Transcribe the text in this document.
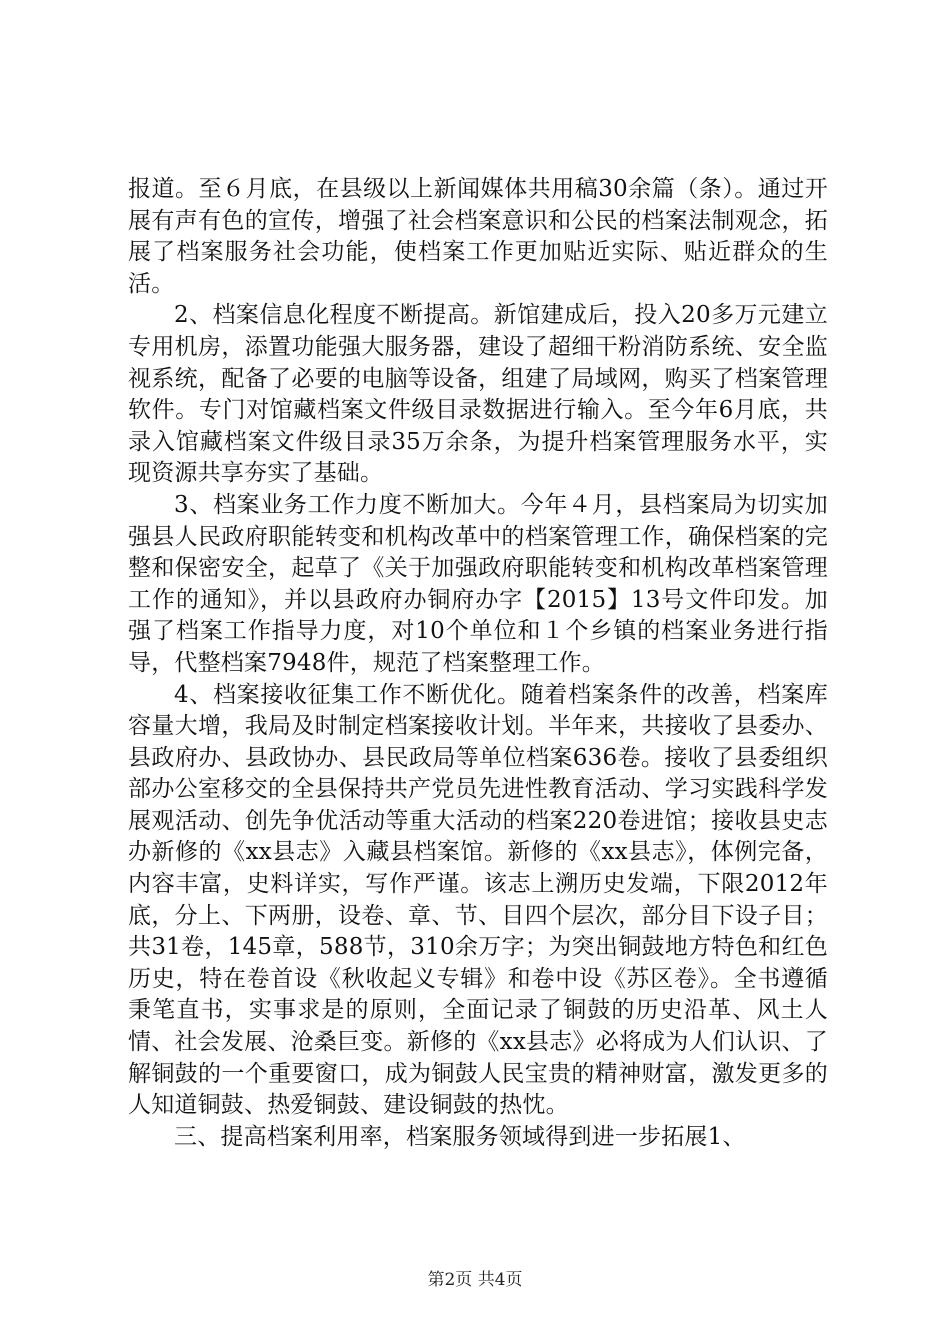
报道。至６月底，在县级以上新闻媒体共用稿30余篇（条）。通过开展有声有色的宣传，增强了社会档案意识和公民的档案法制观念，拓展了档案服务社会功能，使档案工作更加贴近实际、贴近群众的生活。

2、档案信息化程度不断提高。新馆建成后，投入20多万元建立专用机房，添置功能强大服务器，建设了超细干粉消防系统、安全监视系统，配备了必要的电脑等设备，组建了局域网，购买了档案管理软件。专门对馆藏档案文件级目录数据进行输入。至今年6月底，共录入馆藏档案文件级目录35万余条，为提升档案管理服务水平，实现资源共享夯实了基础。

3、档案业务工作力度不断加大。今年４月，县档案局为切实加强县人民政府职能转变和机构改革中的档案管理工作，确保档案的完整和保密安全，起草了《关于加强政府职能转变和机构改革档案管理工作的通知》，并以县政府办铜府办字【2015】13号文件印发。加强了档案工作指导力度，对10个单位和１个乡镇的档案业务进行指导，代整档案7948件，规范了档案整理工作。

4、档案接收征集工作不断优化。随着档案条件的改善，档案库容量大增，我局及时制定档案接收计划。半年来，共接收了县委办、县政府办、县政协办、县民政局等单位档案636卷。接收了县委组织部办公室移交的全县保持共产党员先进性教育活动、学习实践科学发展观活动、创先争优活动等重大活动的档案220卷进馆；接收县史志办新修的《xx县志》入藏县档案馆。新修的《xx县志》，体例完备，内容丰富，史料详实，写作严谨。该志上溯历史发端，下限2012年底，分上、下两册，设卷、章、节、目四个层次，部分目下设子目；共31卷，145章，588节，310余万字；为突出铜鼓地方特色和红色历史，特在卷首设《秋收起义专辑》和卷中设《苏区卷》。全书遵循秉笔直书，实事求是的原则，全面记录了铜鼓的历史沿革、风土人情、社会发展、沧桑巨变。新修的《xx县志》必将成为人们认识、了解铜鼓的一个重要窗口，成为铜鼓人民宝贵的精神财富，激发更多的人知道铜鼓、热爱铜鼓、建设铜鼓的热忱。

三、提高档案利用率，档案服务领域得到进一步拓展1、

第2页 共4页
